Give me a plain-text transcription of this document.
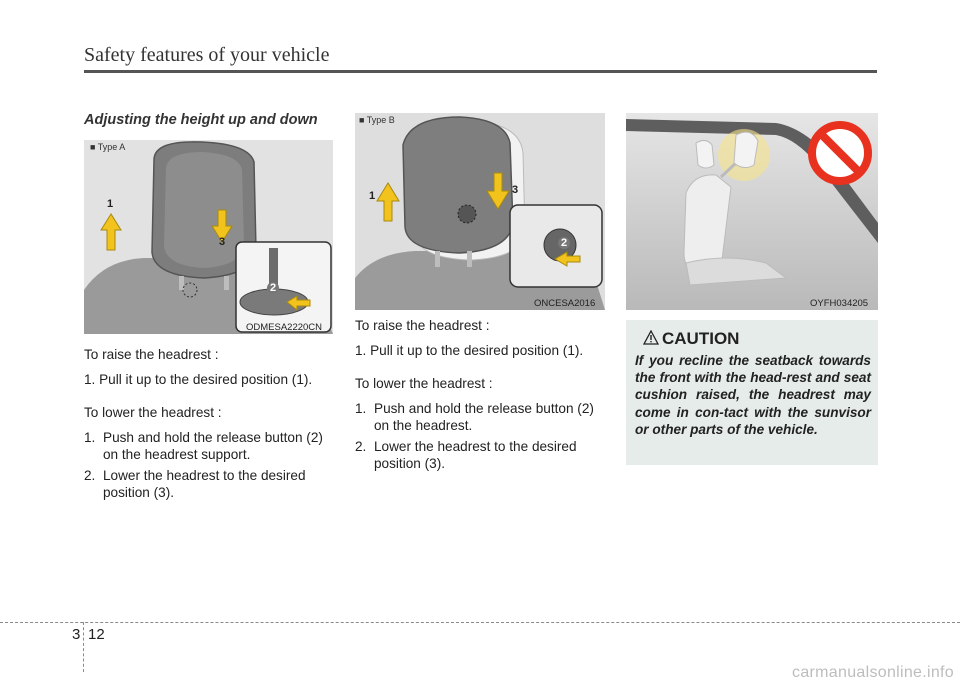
Safety features of your vehicle
Adjusting the height up and down
■ Type A
1
3
2
ODMESA2220CN
■ Type B
1	3
2
ONCESA2016	OYFH034205
To raise the headrest :
1. Pull it up to the desired position (1).
To lower the headrest :
1. Push and hold the release button (2) on the headrest support.
2. Lower the headrest to the desired position (3).
To raise the headrest :
1. Pull it up to the desired position (1).
To lower the headrest :
1. Push and hold the release button (2) on the headrest.
2. Lower the headrest to the desired position (3).
CAUTION
If you recline the seatback towards the front with the head-rest and seat cushion raised, the headrest may come in con-tact with the sunvisor or other parts of the vehicle.
3 12
carmanualsonline.info
